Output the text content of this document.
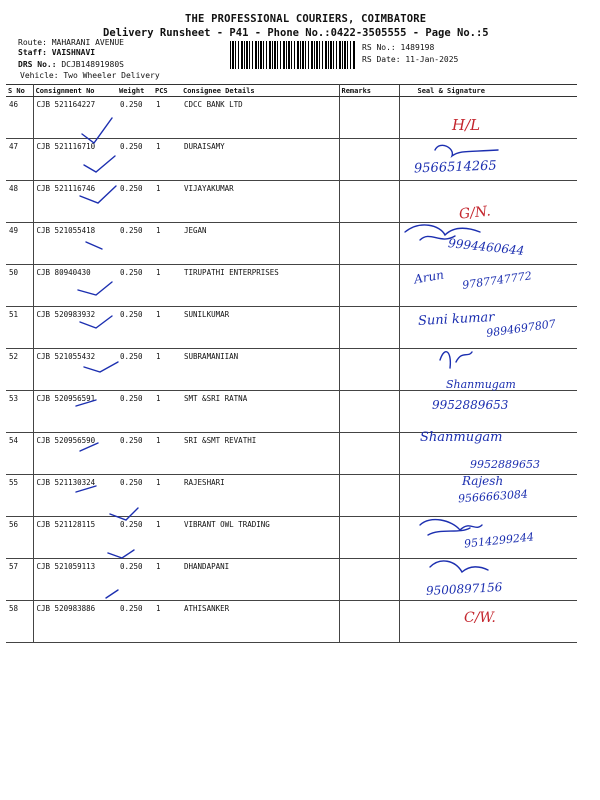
THE PROFESSIONAL COURIERS, COIMBATORE
Delivery Runsheet - P41 - Phone No.:0422-3505555 - Page No.:5
Route: MAHARANI AVENUE
Staff: VAISHNAVI
DRS No.: DCJB14891980S
Vehicle: Two Wheeler Delivery
RS No.: 1489198
RS Date: 11-Jan-2025
S No	Consignment No	Weight	PCS	Consignee Details	Remarks	Seal & Signature
46	CJB 521164227	0.250	1	CDCC BANK LTD		
47	CJB 521116710	0.250	1	DURAISAMY		
48	CJB 521116746	0.250	1	VIJAYAKUMAR		
49	CJB 521055418	0.250	1	JEGAN		
50	CJB 80940430	0.250	1	TIRUPATHI ENTERPRISES		
51	CJB 520983932	0.250	1	SUNILKUMAR		
52	CJB 521055432	0.250	1	SUBRAMANIIAN		
53	CJB 520956591	0.250	1	SMT &SRI RATNA		
54	CJB 520956590	0.250	1	SRI &SMT REVATHI		
55	CJB 521130324	0.250	1	RAJESHARI		
56	CJB 521128115	0.250	1	VIBRANT OWL TRADING		
57	CJB 521059113	0.250	1	DHANDAPANI		
58	CJB 520983886	0.250	1	ATHISANKER		
H/L
9566514265
G/N.
9994460644
Arun 9787747772
Suni kumar
9894697807
Shanmugam
9952889653
Shanmugam
9952889653
Rajesh
9566663084
9514299244
9500897156
C/W.
